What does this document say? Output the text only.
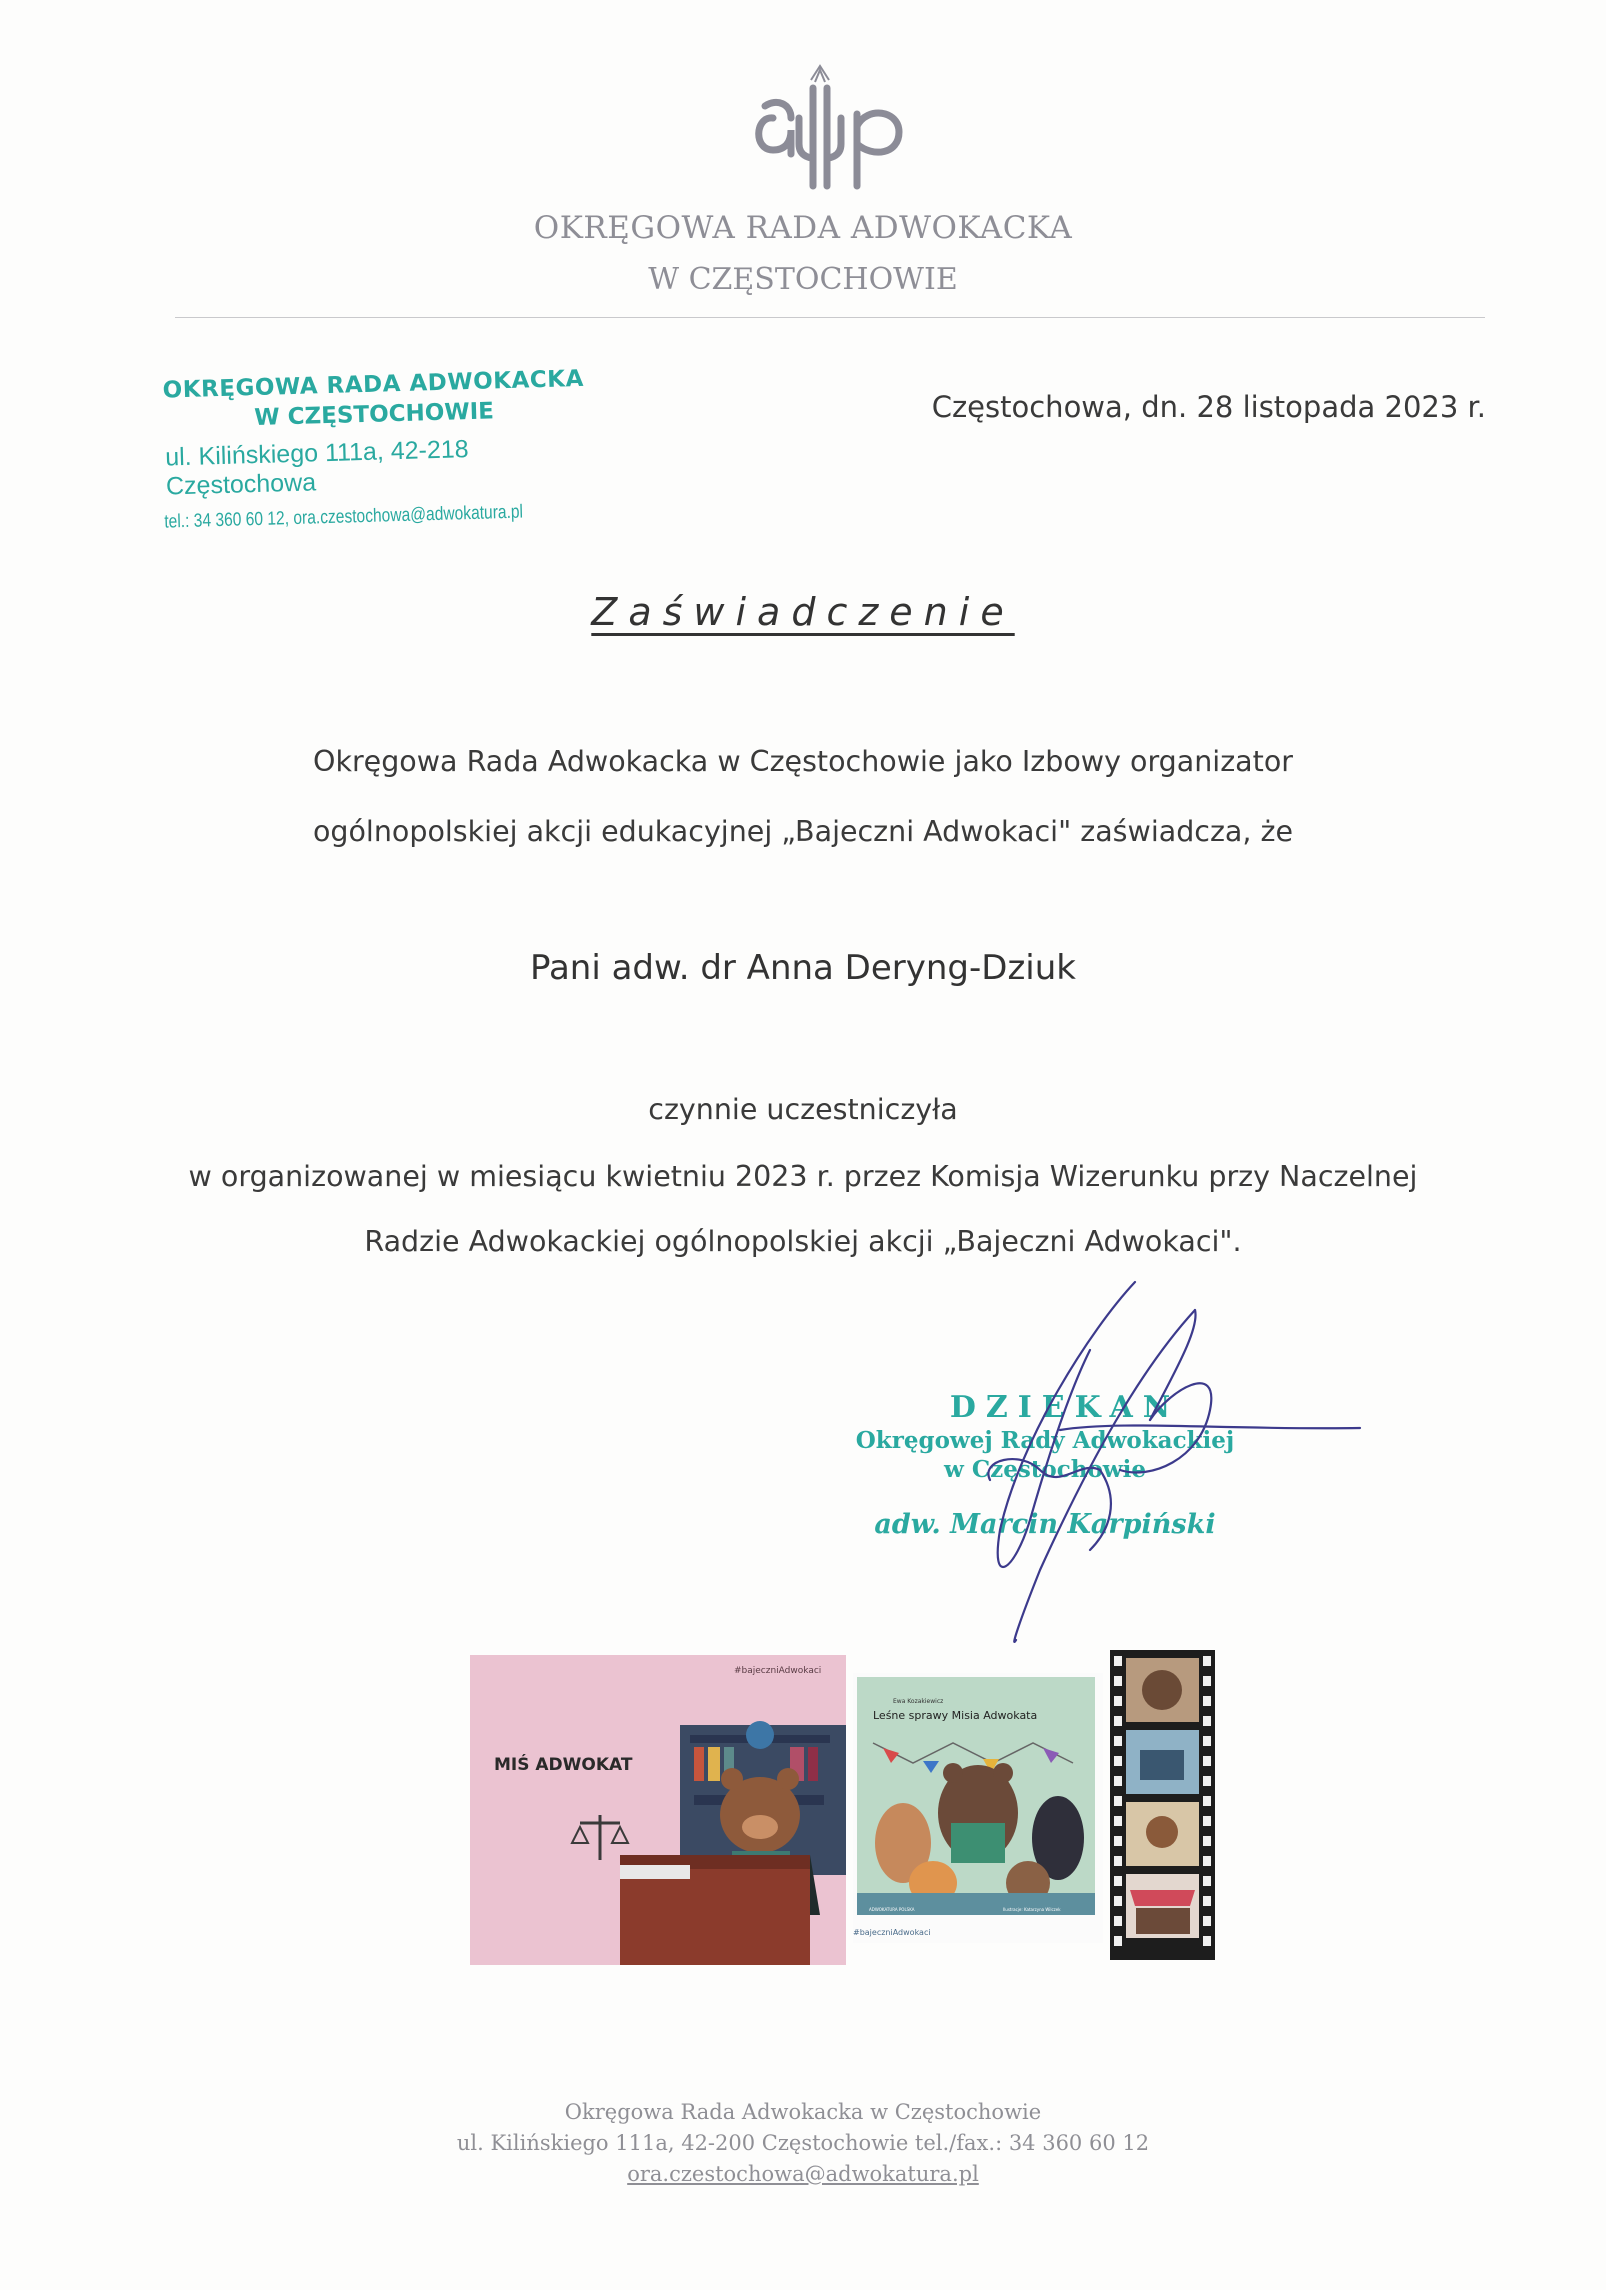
OKRĘGOWA RADA ADWOKACKA
W CZĘSTOCHOWIE
OKRĘGOWA RADA ADWOKACKA
W CZĘSTOCHOWIE
ul. Kilińskiego 111a, 42-218 Częstochowa
tel.: 34 360 60 12, ora.czestochowa@adwokatura.pl
Częstochowa, dn. 28 listopada 2023 r.
Zaświadczenie
Okręgowa Rada Adwokacka w Częstochowie jako Izbowy organizator
ogólnopolskiej akcji edukacyjnej „Bajeczni Adwokaci" zaświadcza, że
Pani adw. dr Anna Deryng-Dziuk
czynnie uczestniczyła
w organizowanej w miesiącu kwietniu 2023 r. przez Komisja Wizerunku przy Naczelnej
Radzie Adwokackiej ogólnopolskiej akcji „Bajeczni Adwokaci".
DZIEKAN
Okręgowej Rady Adwokackiej
w Częstochowie
adw. Marcin Karpiński
#bajeczniAdwokaci
MIŚ ADWOKAT
Ewa Kozakiewicz
Leśne sprawy Misia Adwokata
ADWOKATURA POLSKA	Ilustracje: Katarzyna Wilczek
#bajeczniAdwokaci
Okręgowa Rada Adwokacka w Częstochowie
ul. Kilińskiego 111a, 42-200 Częstochowie tel./fax.: 34 360 60 12
ora.czestochowa@adwokatura.pl
